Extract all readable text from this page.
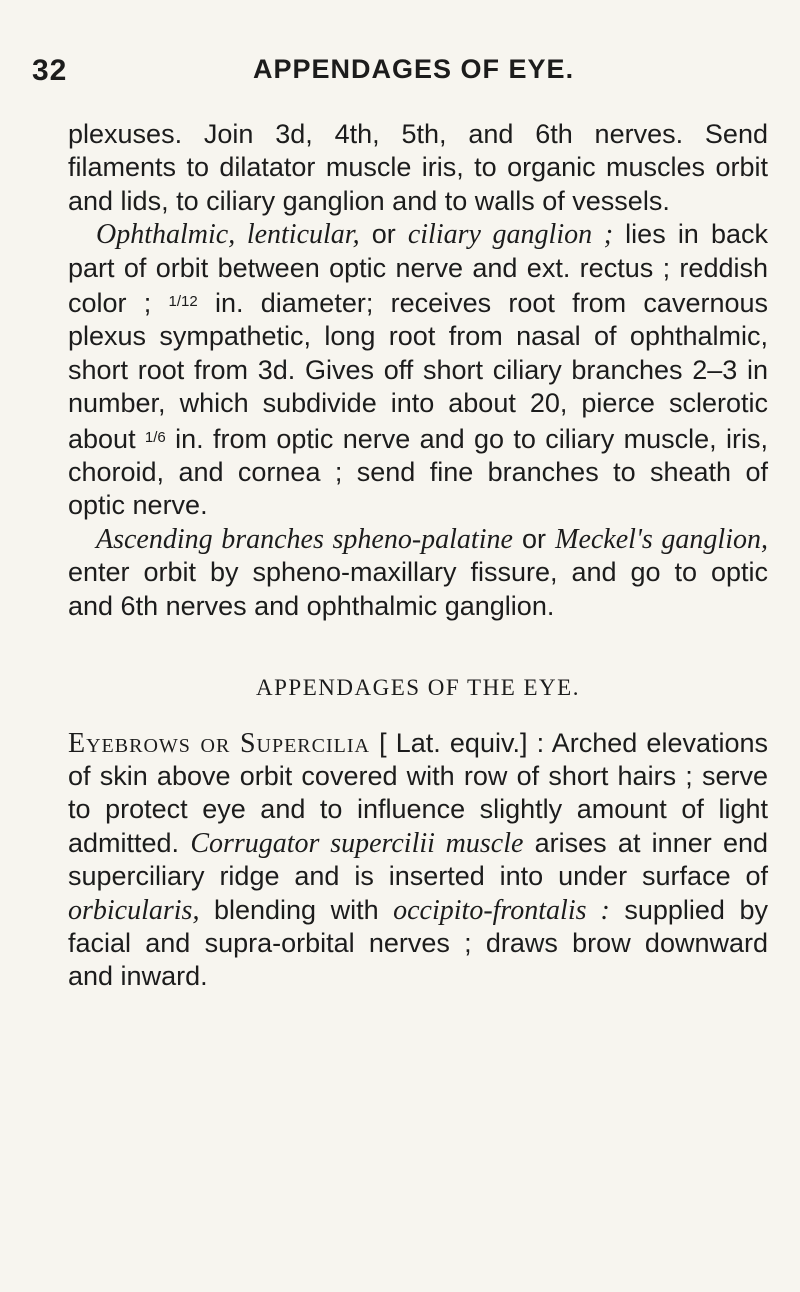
32	APPENDAGES OF EYE.

plexuses. Join 3d, 4th, 5th, and 6th nerves. Send filaments to dilatator muscle iris, to organic muscles orbit and lids, to ciliary ganglion and to walls of vessels.

Ophthalmic, lenticular, or ciliary ganglion ; lies in back part of orbit between optic nerve and ext. rectus ; reddish color ; $^{1/12}$ in. diameter; receives root from cavernous plexus sympathetic, long root from nasal of ophthalmic, short root from 3d. Gives off short ciliary branches 2–3 in number, which subdivide into about 20, pierce sclerotic about $^{1/6}$ in. from optic nerve and go to ciliary muscle, iris, choroid, and cornea ; send fine branches to sheath of optic nerve.

Ascending branches spheno-palatine or Meckel's ganglion, enter orbit by spheno-maxillary fissure, and go to optic and 6th nerves and ophthalmic ganglion.

APPENDAGES OF THE EYE.

Eyebrows or Supercilia [ Lat. equiv.] : Arched elevations of skin above orbit covered with row of short hairs ; serve to protect eye and to influence slightly amount of light admitted. Corrugator supercilii muscle arises at inner end superciliary ridge and is inserted into under surface of orbicularis, blending with occipito-frontalis : supplied by facial and supra-orbital nerves ; draws brow downward and inward.
